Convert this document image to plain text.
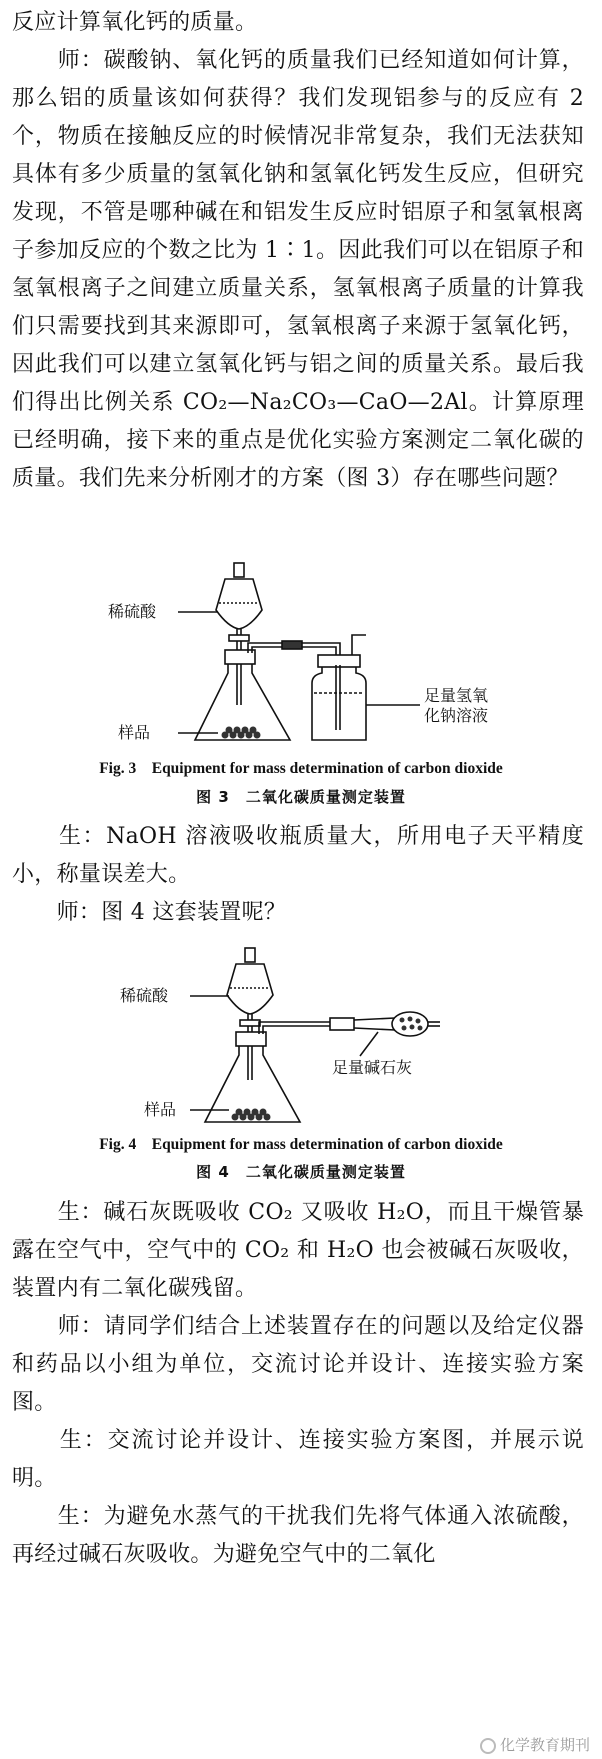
反应计算氧化钙的质量。
　　师：碳酸钠、氧化钙的质量我们已经知道如何计算，那么铝的质量该如何获得？我们发现铝参与的反应有 2 个，物质在接触反应的时候情况非常复杂，我们无法获知具体有多少质量的氢氧化钠和氢氧化钙发生反应，但研究发现，不管是哪种碱在和铝发生反应时铝原子和氢氧根离子参加反应的个数之比为 1∶1。因此我们可以在铝原子和氢氧根离子之间建立质量关系，氢氧根离子质量的计算我们只需要找到其来源即可，氢氧根离子来源于氢氧化钙，因此我们可以建立氢氧化钙与铝之间的质量关系。最后我们得出比例关系 CO₂—Na₂CO₃—CaO—2Al。计算原理已经明确，接下来的重点是优化实验方案测定二氧化碳的质量。我们先来分析刚才的方案（图 3）存在哪些问题？
稀硫酸
样品
足量氢氧
化钠溶液
Fig. 3　Equipment for mass determination of carbon dioxide
图 3　二氧化碳质量测定装置
　　生：NaOH 溶液吸收瓶质量大，所用电子天平精度小，称量误差大。
　　师：图 4 这套装置呢？
稀硫酸
样品
足量碱石灰
Fig. 4　Equipment for mass determination of carbon dioxide
图 4　二氧化碳质量测定装置
　　生：碱石灰既吸收 CO₂ 又吸收 H₂O，而且干燥管暴露在空气中，空气中的 CO₂ 和 H₂O 也会被碱石灰吸收，装置内有二氧化碳残留。
　　师：请同学们结合上述装置存在的问题以及给定仪器和药品以小组为单位，交流讨论并设计、连接实验方案图。
　　生：交流讨论并设计、连接实验方案图，并展示说明。
　　生：为避免水蒸气的干扰我们先将气体通入浓硫酸，再经过碱石灰吸收。为避免空气中的二氧化
化学教育期刊
